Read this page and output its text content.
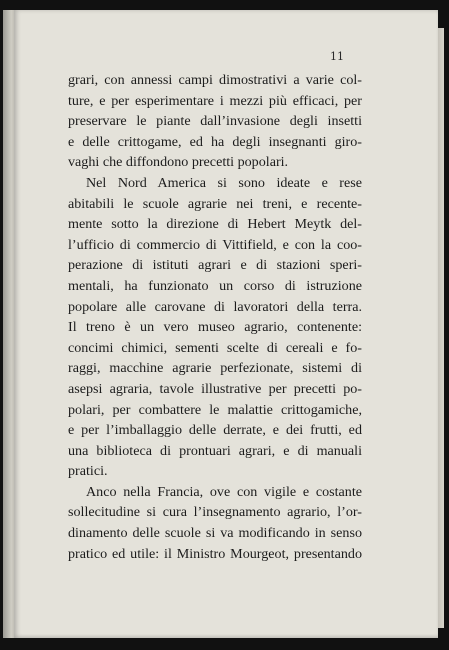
11
grari, con annessi campi dimostrativi a varie col-
ture, e per esperimentare i mezzi più efficaci, per
preservare le piante dall’invasione degli insetti
e delle crittogame, ed ha degli insegnanti giro-
vaghi che diffondono precetti popolari.
Nel Nord America si sono ideate e rese
abitabili le scuole agrarie nei treni, e recente-
mente sotto la direzione di Hebert Meytk del-
l’ufficio di commercio di Vittifield, e con la coo-
perazione di istituti agrari e di stazioni speri-
mentali, ha funzionato un corso di istruzione
popolare alle carovane di lavoratori della terra.
Il treno è un vero museo agrario, contenente:
concimi chimici, sementi scelte di cereali e fo-
raggi, macchine agrarie perfezionate, sistemi di
asepsi agraria, tavole illustrative per precetti po-
polari, per combattere le malattie crittogamiche,
e per l’imballaggio delle derrate, e dei frutti, ed
una biblioteca di prontuari agrari, e di manuali
pratici.
Anco nella Francia, ove con vigile e costante
sollecitudine si cura l’insegnamento agrario, l’or-
dinamento delle scuole si va modificando in senso
pratico ed utile: il Ministro Mourgeot, presentando
